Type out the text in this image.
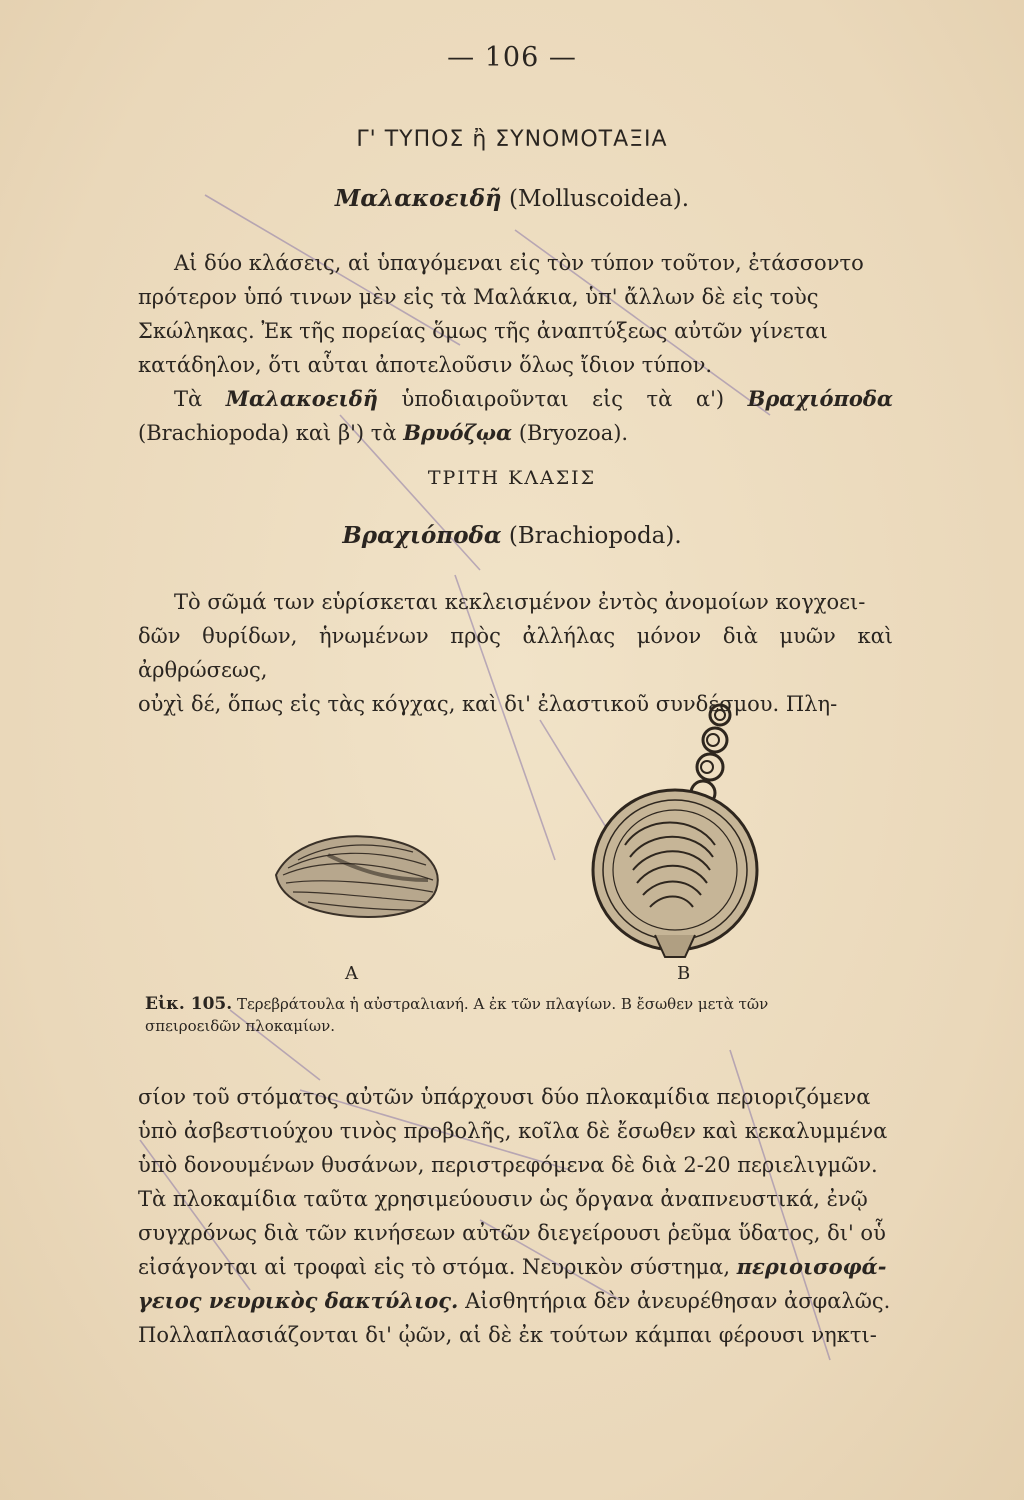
— 106 —
Γ' ΤΥΠΟΣ ἢ ΣΥΝΟΜΟΤΑΞΙΑ
Μαλακοειδῆ (Molluscoidea).

Αἱ δύο κλάσεις, αἱ ὑπαγόμεναι εἰς τὸν τύπον τοῦτον, ἐτάσσοντο

πρότερον ὑπό τινων μὲν εἰς τὰ Μαλάκια, ὑπ' ἄλλων δὲ εἰς τοὺς

Σκώληκας. Ἐκ τῆς πορείας ὅμως τῆς ἀναπτύξεως αὐτῶν γίνεται

κατάδηλον, ὅτι αὗται ἀποτελοῦσιν ὅλως ἴδιον τύπον.

Τὰ Μαλακοειδῆ ὑποδιαιροῦνται εἰς τὰ α') Βραχιόποδα (Brachiopoda) καὶ β') τὰ Βρυόζῳα (Bryozoa).

ΤΡΙΤΗ ΚΛΑΣΙΣ
Βραχιόποδα (Brachiopoda).

Τὸ σῶμά των εὑρίσκεται κεκλεισμένον ἐντὸς ἀνομοίων κογχοει-

δῶν θυρίδων, ἡνωμένων πρὸς ἀλλήλας μόνον διὰ μυῶν καὶ ἀρθρώσεως,

οὐχὶ δέ, ὅπως εἰς τὰς κόγχας, καὶ δι' ἐλαστικοῦ συνδέσμου. Πλη-

A	B
Εἰκ. 105. Τερεβράτουλα ἡ αὐστραλιανή. Α ἐκ τῶν πλαγίων. Β ἔσωθεν μετὰ τῶν
σπειροειδῶν πλοκαμίων.

σίον τοῦ στόματος αὐτῶν ὑπάρχουσι δύο πλοκαμίδια περιοριζόμενα

ὑπὸ ἀσβεστιούχου τινὸς προβολῆς, κοῖλα δὲ ἔσωθεν καὶ κεκαλυμμένα

ὑπὸ δονουμένων θυσάνων, περιστρεφόμενα δὲ διὰ 2-20 περιελιγμῶν.

Τὰ πλοκαμίδια ταῦτα χρησιμεύουσιν ὡς ὄργανα ἀναπνευστικά, ἐνῷ

συγχρόνως διὰ τῶν κινήσεων αὐτῶν διεγείρουσι ῥεῦμα ὕδατος, δι' οὗ

εἰσάγονται αἱ τροφαὶ εἰς τὸ στόμα. Νευρικὸν σύστημα, περιοισοφά-

γειος νευρικὸς δακτύλιος. Αἰσθητήρια δὲν ἀνευρέθησαν ἀσφαλῶς.

Πολλαπλασιάζονται δι' ᾠῶν, αἱ δὲ ἐκ τούτων κάμπαι φέρουσι νηκτι-
